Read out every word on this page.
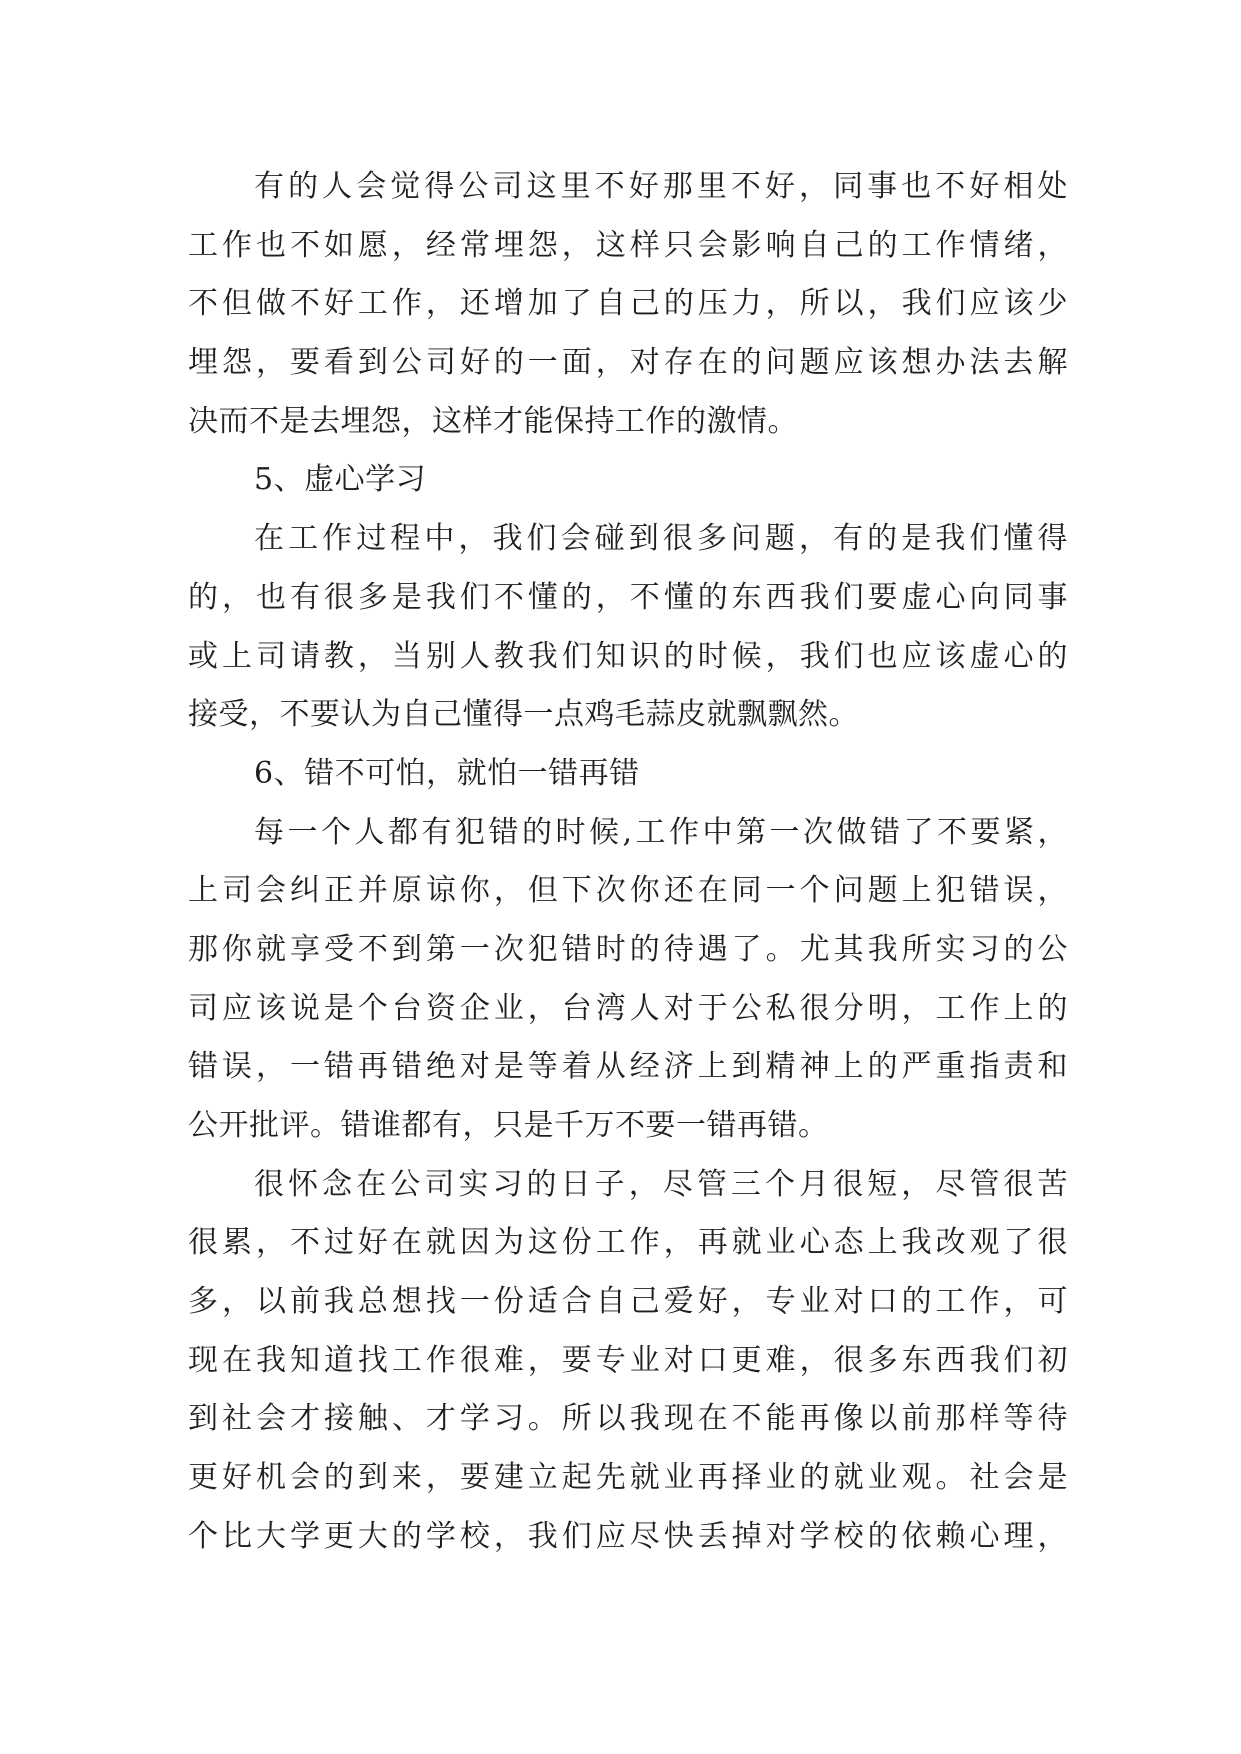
有的人会觉得公司这里不好那里不好，同事也不好相处
工作也不如愿，经常埋怨，这样只会影响自己的工作情绪，
不但做不好工作，还增加了自己的压力，所以，我们应该少
埋怨，要看到公司好的一面，对存在的问题应该想办法去解
决而不是去埋怨，这样才能保持工作的激情。
5、虚心学习
在工作过程中，我们会碰到很多问题，有的是我们懂得
的，也有很多是我们不懂的，不懂的东西我们要虚心向同事
或上司请教，当别人教我们知识的时候，我们也应该虚心的
接受，不要认为自己懂得一点鸡毛蒜皮就飘飘然。
6、错不可怕，就怕一错再错
每一个人都有犯错的时候,工作中第一次做错了不要紧，
上司会纠正并原谅你，但下次你还在同一个问题上犯错误，
那你就享受不到第一次犯错时的待遇了。尤其我所实习的公
司应该说是个台资企业，台湾人对于公私很分明，工作上的
错误，一错再错绝对是等着从经济上到精神上的严重指责和
公开批评。错谁都有，只是千万不要一错再错。
很怀念在公司实习的日子，尽管三个月很短，尽管很苦
很累，不过好在就因为这份工作，再就业心态上我改观了很
多，以前我总想找一份适合自己爱好，专业对口的工作，可
现在我知道找工作很难，要专业对口更难，很多东西我们初
到社会才接触、才学习。所以我现在不能再像以前那样等待
更好机会的到来，要建立起先就业再择业的就业观。社会是
个比大学更大的学校，我们应尽快丢掉对学校的依赖心理，
